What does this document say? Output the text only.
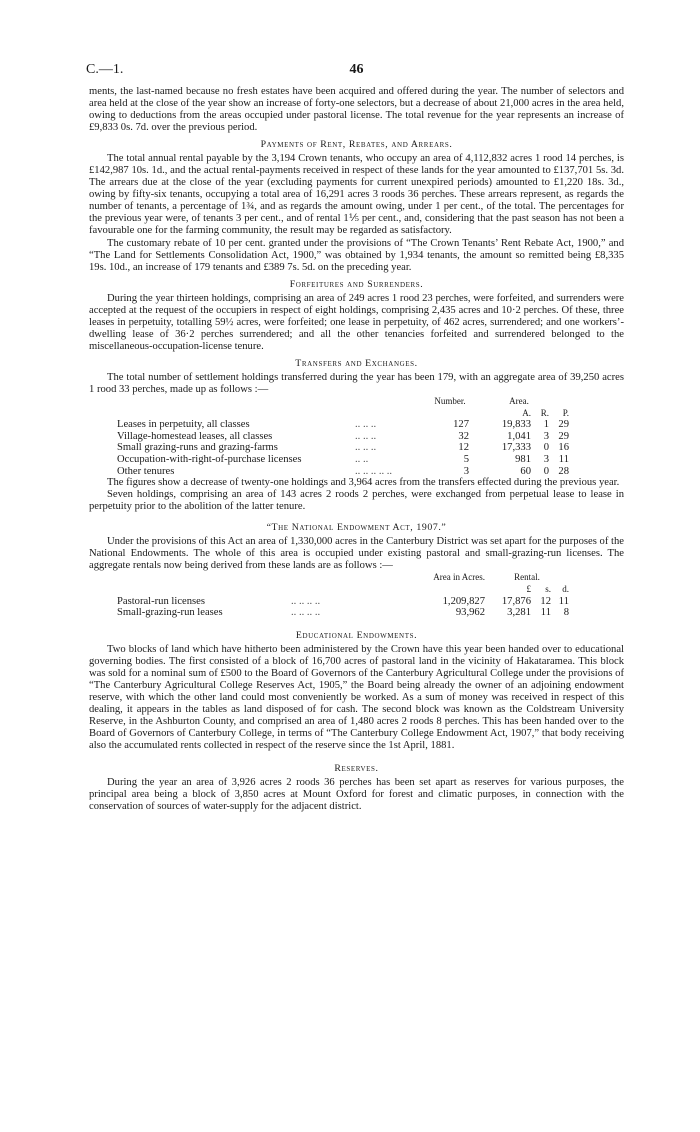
C.—1.	46

ments, the last-named because no fresh estates have been acquired and offered during the year. The number of selectors and area held at the close of the year show an increase of forty-one selectors, but a decrease of about 21,000 acres in the area held, owing to deductions from the areas occupied under pastoral license. The total revenue for the year represents an increase of £9,833 0s. 7d. over the previous period.

Payments of Rent, Rebates, and Arrears.

The total annual rental payable by the 3,194 Crown tenants, who occupy an area of 4,112,832 acres 1 rood 14 perches, is £142,987 10s. 1d., and the actual rental-payments received in respect of these lands for the year amounted to £137,701 5s. 3d. The arrears due at the close of the year (excluding payments for current unexpired periods) amounted to £1,220 18s. 3d., owing by fifty-six tenants, occupying a total area of 16,291 acres 3 roods 36 perches. These arrears represent, as regards the number of tenants, a percentage of 1¾, and as regards the amount owing, under 1 per cent., of the total. The percentages for the previous year were, of tenants 3 per cent., and of rental 1⅕ per cent., and, considering that the past season has not been a favourable one for the farming community, the result may be regarded as satisfactory.

The customary rebate of 10 per cent. granted under the provisions of “The Crown Tenants’ Rent Rebate Act, 1900,” and “The Land for Settlements Consolidation Act, 1900,” was obtained by 1,934 tenants, the amount so remitted being £8,335 19s. 10d., an increase of 179 tenants and £389 7s. 5d. on the preceding year.

Forfeitures and Surrenders.

During the year thirteen holdings, comprising an area of 249 acres 1 rood 23 perches, were forfeited, and surrenders were accepted at the request of the occupiers in respect of eight holdings, comprising 2,435 acres and 10·2 perches. Of these, three leases in perpetuity, totalling 59½ acres, were forfeited; one lease in perpetuity, of 462 acres, surrendered; and one workers’-dwelling lease of 36·2 perches surrendered; and all the other tenancies forfeited and surrendered belonged to the miscellaneous-occupation-license tenure.

Transfers and Exchanges.

The total number of settlement holdings transferred during the year has been 179, with an aggregate area of 39,250 acres 1 rood 33 perches, made up as follows :—

		Number.	Area.			
			A.	R.	P.	
Leases in perpetuity, all classes	.. .. ..	127	19,833	1	29	
Village-homestead leases, all classes	.. .. ..	32	1,041	3	29	
Small grazing-runs and grazing-farms	.. .. ..	12	17,333	0	16	
Occupation-with-right-of-purchase licenses	.. ..	5	981	3	11	
Other tenures	.. .. .. .. ..	3	60	0	28	

The figures show a decrease of twenty-one holdings and 3,964 acres from the transfers effected during the previous year.

Seven holdings, comprising an area of 143 acres 2 roods 2 perches, were exchanged from perpetual lease to lease in perpetuity prior to the abolition of the latter tenure.

“The National Endowment Act, 1907.”

Under the provisions of this Act an area of 1,330,000 acres in the Canterbury District was set apart for the purposes of the National Endowments. The whole of this area is occupied under existing pastoral and small-grazing-run licenses. The aggregate rentals now being derived from these lands are as follows :—

		Area in Acres.	Rental.		
			£	s.	d.
Pastoral-run licenses	.. .. .. ..	1,209,827	17,876	12	11
Small-grazing-run leases	.. .. .. ..	93,962	3,281	11	8
Educational Endowments.

Two blocks of land which have hitherto been administered by the Crown have this year been handed over to educational governing bodies. The first consisted of a block of 16,700 acres of pastoral land in the vicinity of Hakataramea. This block was sold for a nominal sum of £500 to the Board of Governors of the Canterbury Agricultural College under the provisions of “The Canterbury Agricultural College Reserves Act, 1905,” the Board being already the owner of an adjoining endowment reserve, with which the other land could most conveniently be worked. As a sum of money was received in respect of this dealing, it appears in the tables as land disposed of for cash. The second block was known as the Coldstream University Reserve, in the Ashburton County, and comprised an area of 1,480 acres 2 roods 8 perches. This has been handed over to the Board of Governors of Canterbury College, in terms of “The Canterbury College Endowment Act, 1907,” that body receiving also the accumulated rents collected in respect of the reserve since the 1st April, 1881.

Reserves.

During the year an area of 3,926 acres 2 roods 36 perches has been set apart as reserves for various purposes, the principal area being a block of 3,850 acres at Mount Oxford for forest and climatic purposes, in connection with the conservation of sources of water-supply for the adjacent district.
